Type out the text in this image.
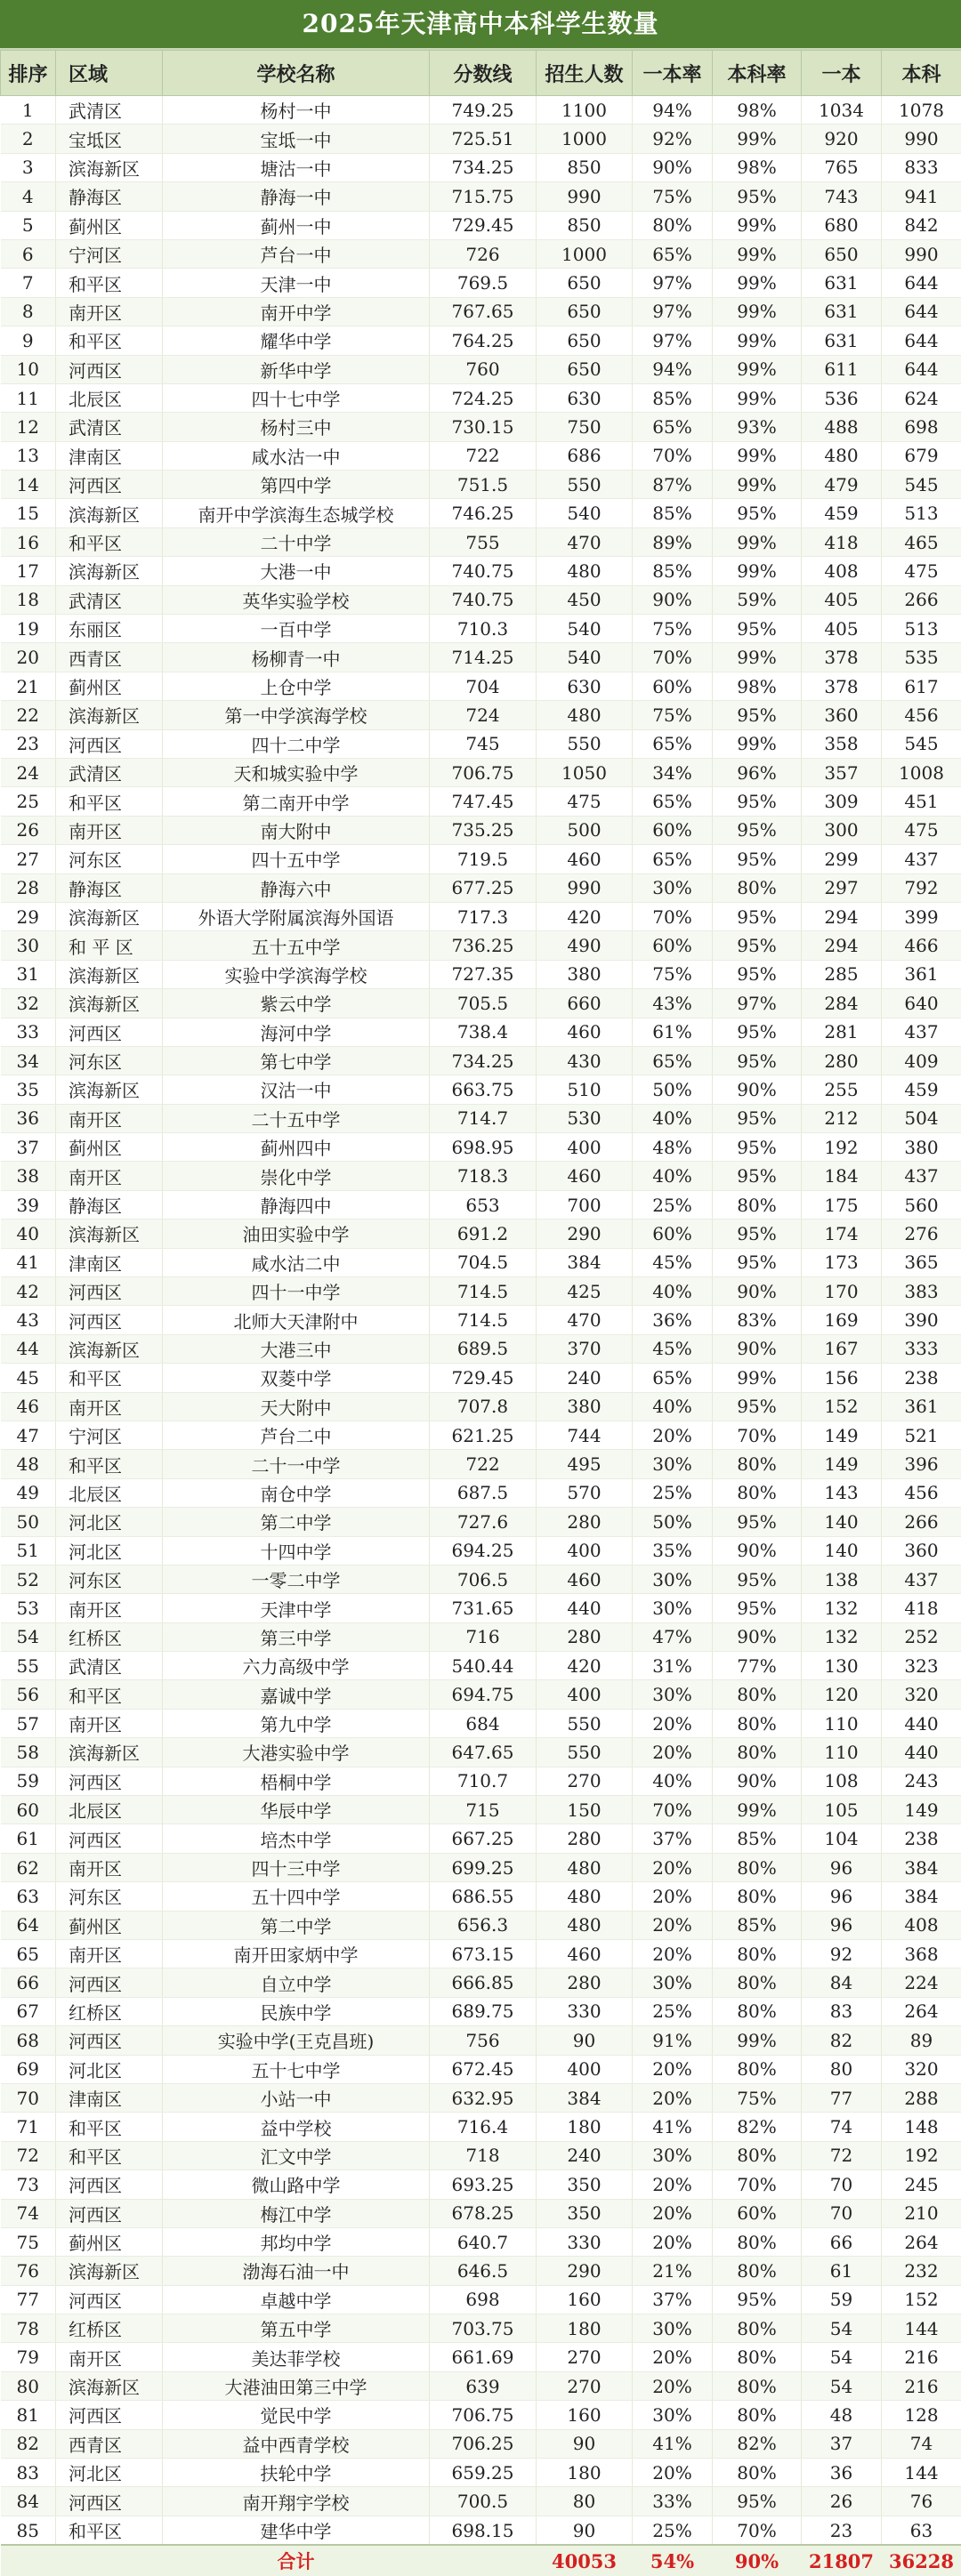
2025年天津高中本科学生数量
排序	区域	学校名称	分数线	招生人数	一本率	本科率	一本	本科
1	武清区	杨村一中	749.25	1100	94%	98%	1034	1078
2	宝坻区	宝坻一中	725.51	1000	92%	99%	920	990
3	滨海新区	塘沽一中	734.25	850	90%	98%	765	833
4	静海区	静海一中	715.75	990	75%	95%	743	941
5	蓟州区	蓟州一中	729.45	850	80%	99%	680	842
6	宁河区	芦台一中	726	1000	65%	99%	650	990
7	和平区	天津一中	769.5	650	97%	99%	631	644
8	南开区	南开中学	767.65	650	97%	99%	631	644
9	和平区	耀华中学	764.25	650	97%	99%	631	644
10	河西区	新华中学	760	650	94%	99%	611	644
11	北辰区	四十七中学	724.25	630	85%	99%	536	624
12	武清区	杨村三中	730.15	750	65%	93%	488	698
13	津南区	咸水沽一中	722	686	70%	99%	480	679
14	河西区	第四中学	751.5	550	87%	99%	479	545
15	滨海新区	南开中学滨海生态城学校	746.25	540	85%	95%	459	513
16	和平区	二十中学	755	470	89%	99%	418	465
17	滨海新区	大港一中	740.75	480	85%	99%	408	475
18	武清区	英华实验学校	740.75	450	90%	59%	405	266
19	东丽区	一百中学	710.3	540	75%	95%	405	513
20	西青区	杨柳青一中	714.25	540	70%	99%	378	535
21	蓟州区	上仓中学	704	630	60%	98%	378	617
22	滨海新区	第一中学滨海学校	724	480	75%	95%	360	456
23	河西区	四十二中学	745	550	65%	99%	358	545
24	武清区	天和城实验中学	706.75	1050	34%	96%	357	1008
25	和平区	第二南开中学	747.45	475	65%	95%	309	451
26	南开区	南大附中	735.25	500	60%	95%	300	475
27	河东区	四十五中学	719.5	460	65%	95%	299	437
28	静海区	静海六中	677.25	990	30%	80%	297	792
29	滨海新区	外语大学附属滨海外国语	717.3	420	70%	95%	294	399
30	和 平 区	五十五中学	736.25	490	60%	95%	294	466
31	滨海新区	实验中学滨海学校	727.35	380	75%	95%	285	361
32	滨海新区	紫云中学	705.5	660	43%	97%	284	640
33	河西区	海河中学	738.4	460	61%	95%	281	437
34	河东区	第七中学	734.25	430	65%	95%	280	409
35	滨海新区	汉沽一中	663.75	510	50%	90%	255	459
36	南开区	二十五中学	714.7	530	40%	95%	212	504
37	蓟州区	蓟州四中	698.95	400	48%	95%	192	380
38	南开区	崇化中学	718.3	460	40%	95%	184	437
39	静海区	静海四中	653	700	25%	80%	175	560
40	滨海新区	油田实验中学	691.2	290	60%	95%	174	276
41	津南区	咸水沽二中	704.5	384	45%	95%	173	365
42	河西区	四十一中学	714.5	425	40%	90%	170	383
43	河西区	北师大天津附中	714.5	470	36%	83%	169	390
44	滨海新区	大港三中	689.5	370	45%	90%	167	333
45	和平区	双菱中学	729.45	240	65%	99%	156	238
46	南开区	天大附中	707.8	380	40%	95%	152	361
47	宁河区	芦台二中	621.25	744	20%	70%	149	521
48	和平区	二十一中学	722	495	30%	80%	149	396
49	北辰区	南仓中学	687.5	570	25%	80%	143	456
50	河北区	第二中学	727.6	280	50%	95%	140	266
51	河北区	十四中学	694.25	400	35%	90%	140	360
52	河东区	一零二中学	706.5	460	30%	95%	138	437
53	南开区	天津中学	731.65	440	30%	95%	132	418
54	红桥区	第三中学	716	280	47%	90%	132	252
55	武清区	六力高级中学	540.44	420	31%	77%	130	323
56	和平区	嘉诚中学	694.75	400	30%	80%	120	320
57	南开区	第九中学	684	550	20%	80%	110	440
58	滨海新区	大港实验中学	647.65	550	20%	80%	110	440
59	河西区	梧桐中学	710.7	270	40%	90%	108	243
60	北辰区	华辰中学	715	150	70%	99%	105	149
61	河西区	培杰中学	667.25	280	37%	85%	104	238
62	南开区	四十三中学	699.25	480	20%	80%	96	384
63	河东区	五十四中学	686.55	480	20%	80%	96	384
64	蓟州区	第二中学	656.3	480	20%	85%	96	408
65	南开区	南开田家炳中学	673.15	460	20%	80%	92	368
66	河西区	自立中学	666.85	280	30%	80%	84	224
67	红桥区	民族中学	689.75	330	25%	80%	83	264
68	河西区	实验中学(王克昌班)	756	90	91%	99%	82	89
69	河北区	五十七中学	672.45	400	20%	80%	80	320
70	津南区	小站一中	632.95	384	20%	75%	77	288
71	和平区	益中学校	716.4	180	41%	82%	74	148
72	和平区	汇文中学	718	240	30%	80%	72	192
73	河西区	微山路中学	693.25	350	20%	70%	70	245
74	河西区	梅江中学	678.25	350	20%	60%	70	210
75	蓟州区	邦均中学	640.7	330	20%	80%	66	264
76	滨海新区	渤海石油一中	646.5	290	21%	80%	61	232
77	河西区	卓越中学	698	160	37%	95%	59	152
78	红桥区	第五中学	703.75	180	30%	80%	54	144
79	南开区	美达菲学校	661.69	270	20%	80%	54	216
80	滨海新区	大港油田第三中学	639	270	20%	80%	54	216
81	河西区	觉民中学	706.75	160	30%	80%	48	128
82	西青区	益中西青学校	706.25	90	41%	82%	37	74
83	河北区	扶轮中学	659.25	180	20%	80%	36	144
84	河西区	南开翔宇学校	700.5	80	33%	95%	26	76
85	和平区	建华中学	698.15	90	25%	70%	23	63
		合计		40053	54%	90%	21807	36228
